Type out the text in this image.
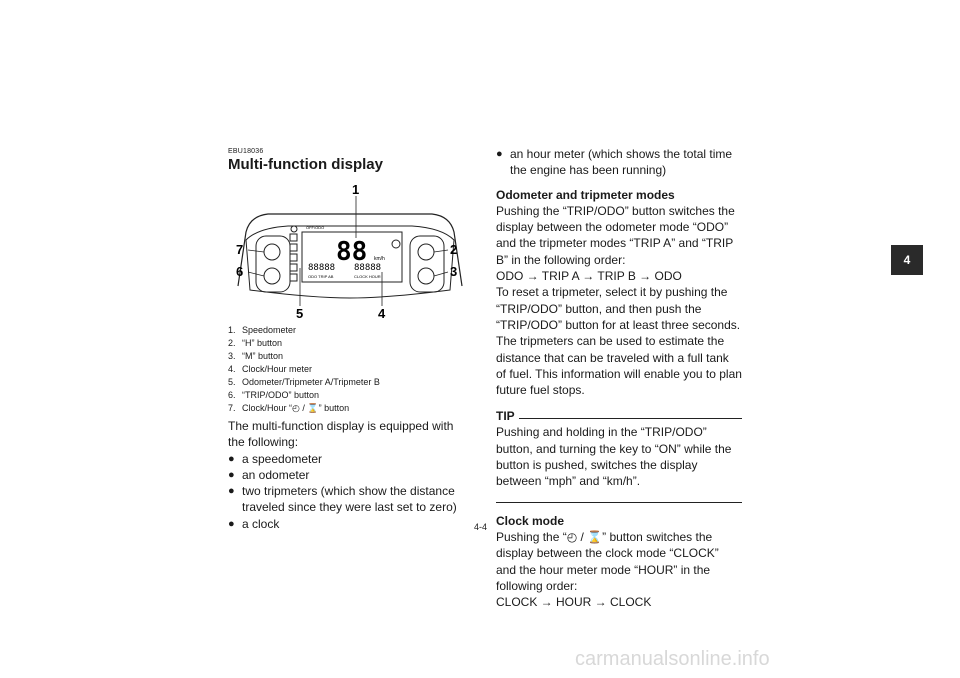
EBU18036
Multi-function display
OFF/ODO
88 km/h
88888 88888
ODO TRIP AB	CLOCK HOUR
1
2
3
4
5
6
7
1. Speedometer
2. “H” button
3. “M” button
4. Clock/Hour meter
5. Odometer/Tripmeter A/Tripmeter B
6. “TRIP/ODO” button
7. Clock/Hour “◴ / ⌛” button
The multi-function display is equipped with the following:
● a speedometer
● an odometer
● two tripmeters (which show the distance traveled since they were last set to zero)
● a clock
● an hour meter (which shows the total time the engine has been running)
Odometer and tripmeter modes
Pushing the “TRIP/ODO” button switches the display between the odometer mode “ODO” and the tripmeter modes “TRIP A” and “TRIP B” in the following order:
ODO → TRIP A → TRIP B → ODO
To reset a tripmeter, select it by pushing the “TRIP/ODO” button, and then push the “TRIP/ODO” button for at least three seconds. The tripmeters can be used to estimate the distance that can be traveled with a full tank of fuel. This information will enable you to plan future fuel stops.
TIP
Pushing and holding in the “TRIP/ODO” button, and turning the key to “ON” while the button is pushed, switches the display between “mph” and “km/h”.
Clock mode
Pushing the “◴ / ⌛” button switches the display between the clock mode “CLOCK” and the hour meter mode “HOUR” in the following order:
CLOCK → HOUR → CLOCK
4-4
4
carmanualsonline.info
